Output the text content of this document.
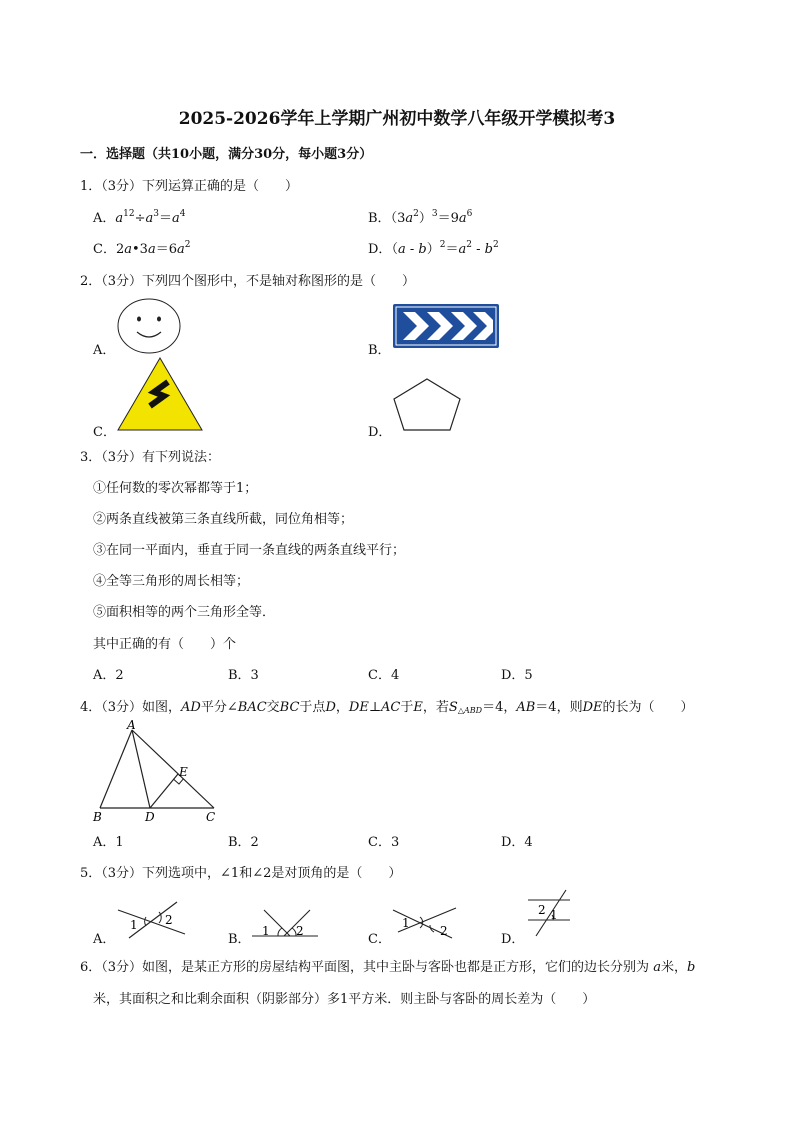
2025-2026学年上学期广州初中数学八年级开学模拟考3
一．选择题（共10小题，满分30分，每小题3分）
1．（3分）下列运算正确的是（　　）
A．$a^{12}\div a^3=a^4$	B．$(3a^2)^3=9a^6$
C．$2a•3a=6a^2$	D．$(a - b)^2=a^2 - b^2$
2．（3分）下列四个图形中，不是轴对称图形的是（　　）
A．	B．
C．	D．
3．（3分）有下列说法：
①任何数的零次幂都等于1；
②两条直线被第三条直线所截，同位角相等；
③在同一平面内，垂直于同一条直线的两条直线平行；
④全等三角形的周长相等；
⑤面积相等的两个三角形全等．
其中正确的有（　　）个
A．2	B．3	C．4	D．5
4．（3分）如图，AD平分∠BAC交BC于点D，DE⊥AC于E，若$S_{\triangle ABD}=4$，AB＝4，则DE的长为（　　）
A
B	D	C
E
A．1	B．2	C．3	D．4
5．（3分）下列选项中，∠1和∠2是对顶角的是（　　）
A．
1 2
B．
1 2
C．
1
2
D．
2 1
6．（3分）如图，是某正方形的房屋结构平面图，其中主卧与客卧也都是正方形，它们的边长分别为 a米，b
米，其面积之和比剩余面积（阴影部分）多1平方米．则主卧与客卧的周长差为（　　）
